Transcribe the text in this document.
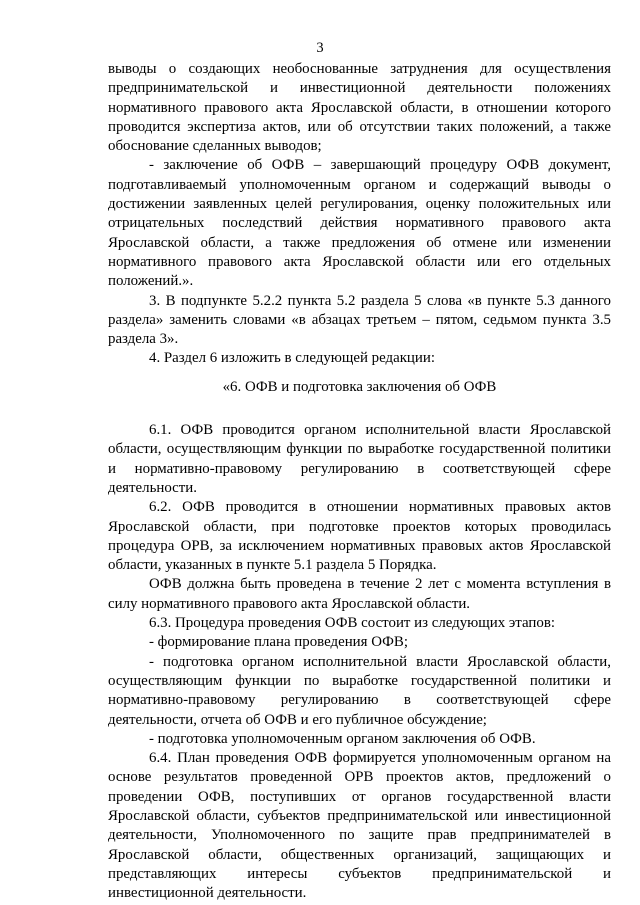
3

выводы о создающих необоснованные затруднения для осуществления предпринимательской и инвестиционной деятельности положениях нормативного правового акта Ярославской области, в отношении которого проводится экспертиза актов, или об отсутствии таких положений, а также обоснование сделанных выводов;

- заключение об ОФВ – завершающий процедуру ОФВ документ, подготавливаемый уполномоченным органом и содержащий выводы о достижении заявленных целей регулирования, оценку положительных или отрицательных последствий действия нормативного правового акта Ярославской области, а также предложения об отмене или изменении нормативного правового акта Ярославской области или его отдельных положений.».

3. В подпункте 5.2.2 пункта 5.2 раздела 5 слова «в пункте 5.3 данного раздела» заменить словами «в абзацах третьем – пятом, седьмом пункта 3.5 раздела 3».

4. Раздел 6 изложить в следующей редакции:

«6. ОФВ и подготовка заключения об ОФВ

6.1. ОФВ проводится органом исполнительной власти Ярославской области, осуществляющим функции по выработке государственной политики и нормативно-правовому регулированию в соответствующей сфере деятельности.

6.2. ОФВ проводится в отношении нормативных правовых актов Ярославской области, при подготовке проектов которых проводилась процедура ОРВ, за исключением нормативных правовых актов Ярославской области, указанных в пункте 5.1 раздела 5 Порядка.

ОФВ должна быть проведена в течение 2 лет с момента вступления в силу нормативного правового акта Ярославской области.

6.3. Процедура проведения ОФВ состоит из следующих этапов:

- формирование плана проведения ОФВ;

- подготовка органом исполнительной власти Ярославской области, осуществляющим функции по выработке государственной политики и нормативно-правовому регулированию в соответствующей сфере деятельности, отчета об ОФВ и его публичное обсуждение;

- подготовка уполномоченным органом заключения об ОФВ.

6.4. План проведения ОФВ формируется уполномоченным органом на основе результатов проведенной ОРВ проектов актов, предложений о проведении ОФВ, поступивших от органов государственной власти Ярославской области, субъектов предпринимательской или инвестиционной деятельности, Уполномоченного по защите прав предпринимателей в Ярославской области, общественных организаций, защищающих и представляющих интересы субъектов предпринимательской и инвестиционной деятельности.
